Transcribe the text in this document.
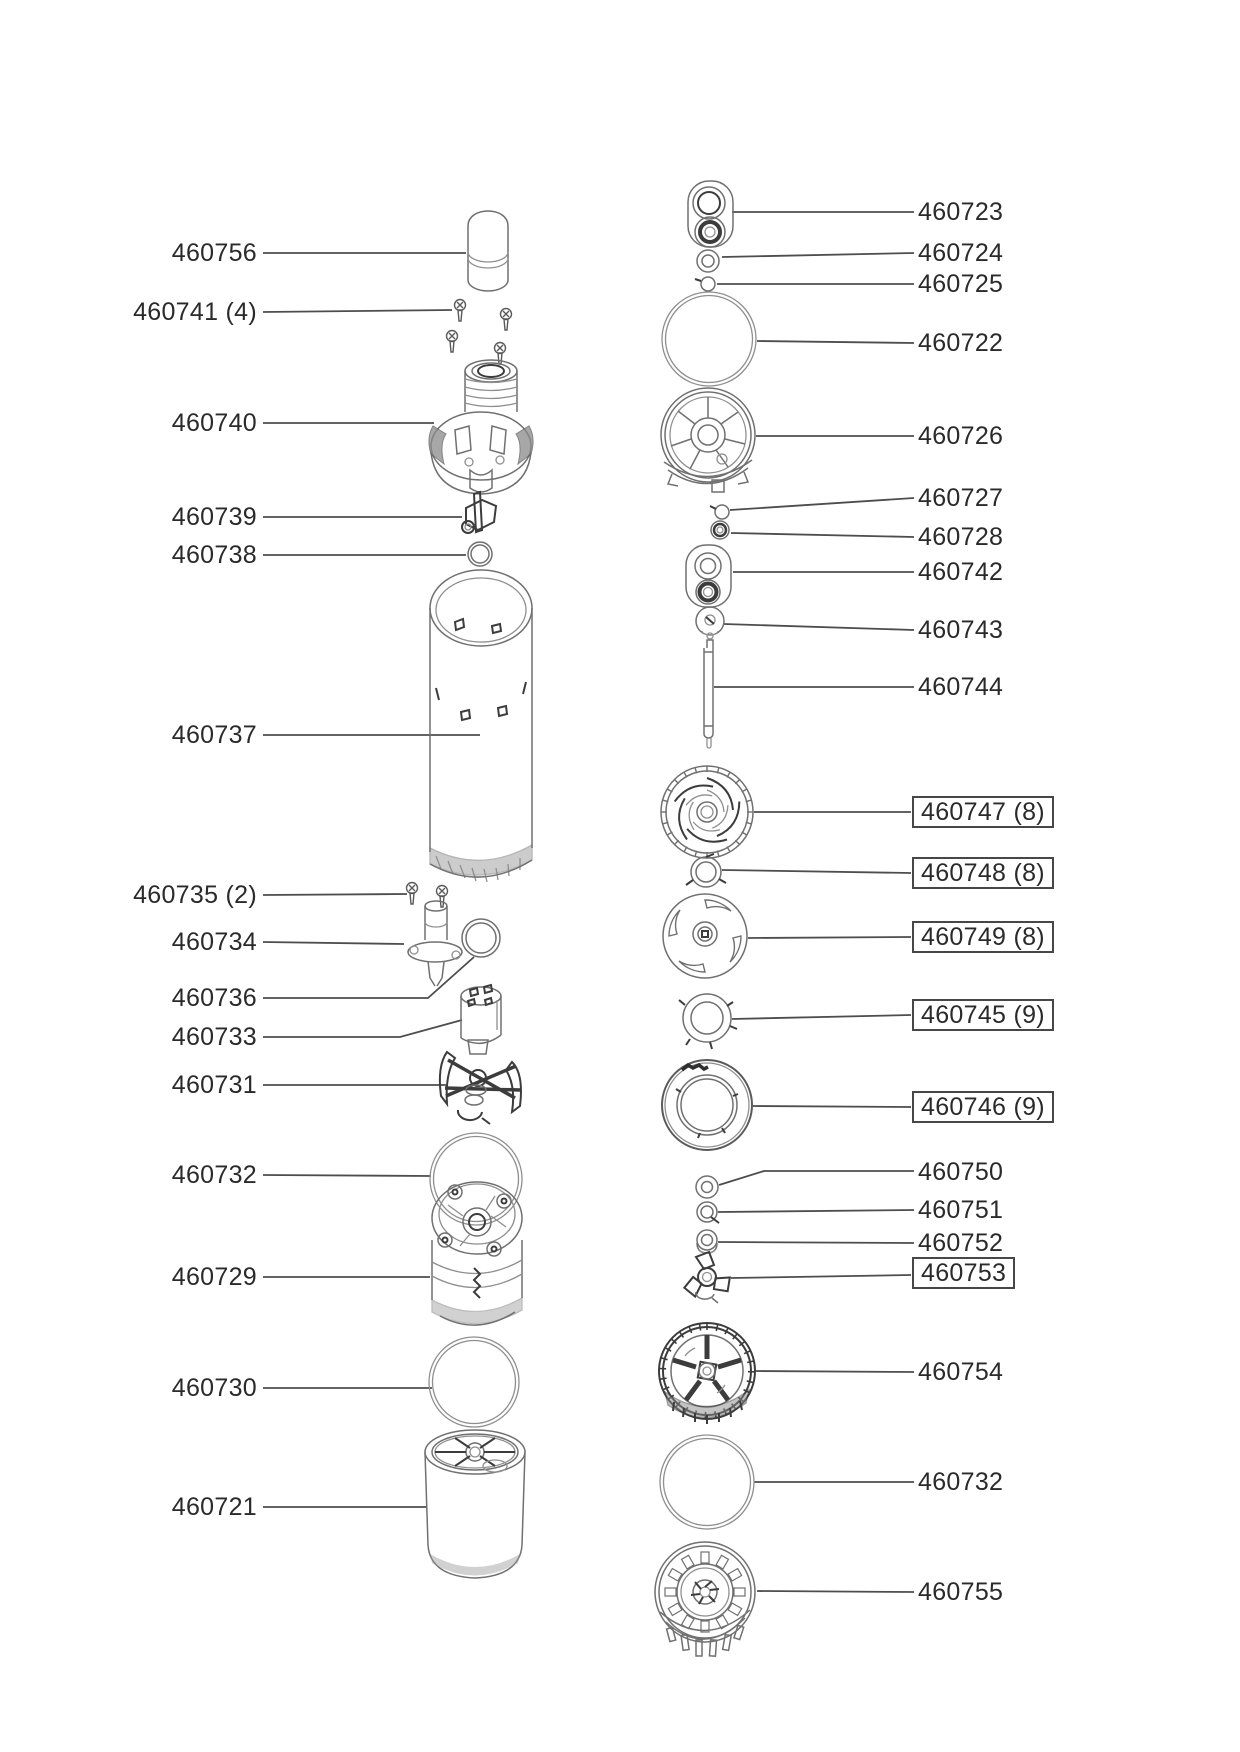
460756
460741 (4)
460740
460739
460738
460737
460735 (2)
460734
460736
460733
460731
460732
460729
460730
460721
460723
460724
460725
460722
460726
460727
460728
460742
460743
460744
460747 (8)
460748 (8)
460749 (8)
460745 (9)
460746 (9)
460750
460751
460752
460753
460754
460732
460755
